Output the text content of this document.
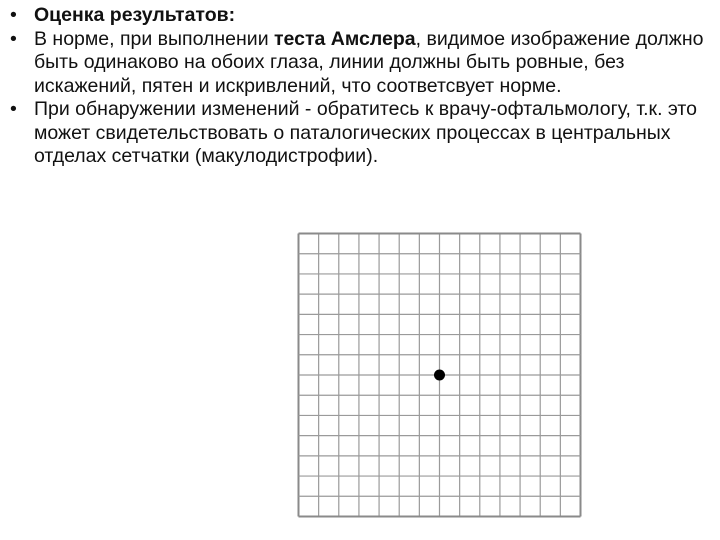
• Оценка результатов:
• В норме, при выполнении теста Амслера, видимое изображение должно быть одинаково на обоих глаза, линии должны быть ровные, без искажений, пятен и искривлений, что соответсвует норме.
• При обнаружении изменений - обратитесь к врачу-офтальмологу, т.к. это может свидетельствовать о паталогических процессах в центральных отделах сетчатки (макулодистрофии).
